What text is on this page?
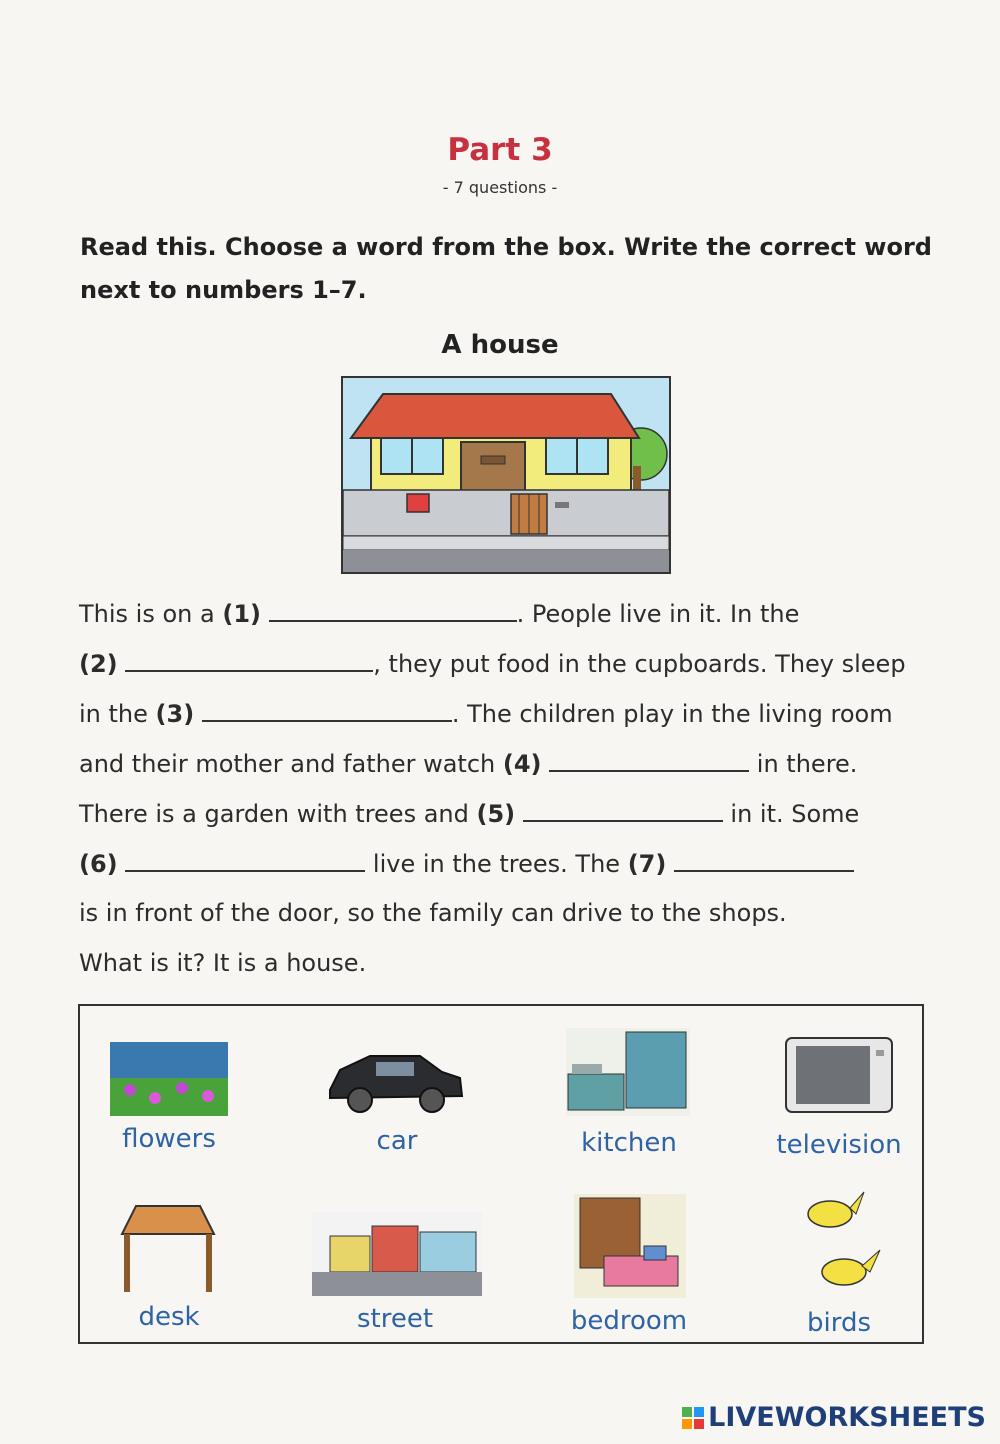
Part 3
- 7 questions -
Read this. Choose a word from the box. Write the correct word next to numbers 1–7.
A house
This is on a (1)	. People live in it. In the
(2)	, they put food in the cupboards. They sleep
in the (3)	. The children play in the living room
and their mother and father watch (4)	in there.
There is a garden with trees and (5)	in it. Some
(6)	live in the trees. The (7)
is in front of the door, so the family can drive to the shops.
What is it? It is a house.
flowers	car	kitchen	television
desk	street	bedroom	birds
LIVEWORKSHEETS
